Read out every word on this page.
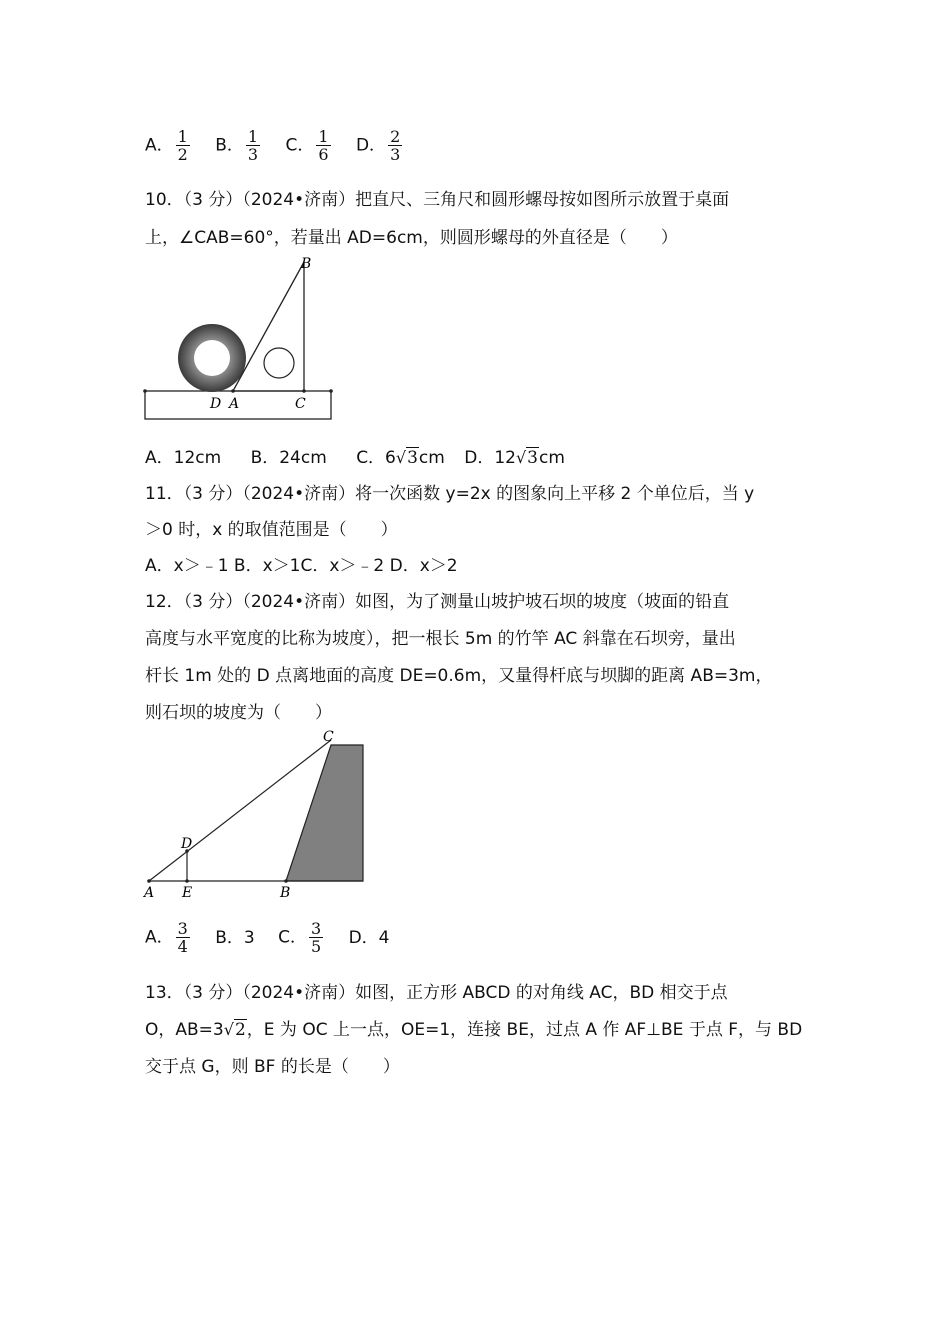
A． $\frac{1}{2}$ B． $\frac{1}{3}$ C． $\frac{1}{6}$ D． $\frac{2}{3}$
10．（3 分）（2024•济南）把直尺、三角尺和圆形螺母按如图所示放置于桌面
上，∠CAB=60°，若量出 AD=6cm，则圆形螺母的外直径是（　　）
B
D A	C
A．12cm B．24cm C．6√3cm D．12√3cm
11．（3 分）（2024•济南）将一次函数 y=2x 的图象向上平移 2 个单位后，当 y
＞0 时，x 的取值范围是（　　）
A．x＞﹣1 B．x＞1C．x＞﹣2 D．x＞2
12．（3 分）（2024•济南）如图，为了测量山坡护坡石坝的坡度（坡面的铅直
高度与水平宽度的比称为坡度），把一根长 5m 的竹竿 AC 斜靠在石坝旁，量出
杆长 1m 处的 D 点离地面的高度 DE=0.6m，又量得杆底与坝脚的距离 AB=3m，
则石坝的坡度为（　　）
C
D
A E	B
A． $\frac{3}{4}$ B．3 C． $\frac{3}{5}$ D．4
13．（3 分）（2024•济南）如图，正方形 ABCD 的对角线 AC，BD 相交于点
O，AB=3√2，E 为 OC 上一点，OE=1，连接 BE，过点 A 作 AF⊥BE 于点 F，与 BD
交于点 G，则 BF 的长是（　　）
